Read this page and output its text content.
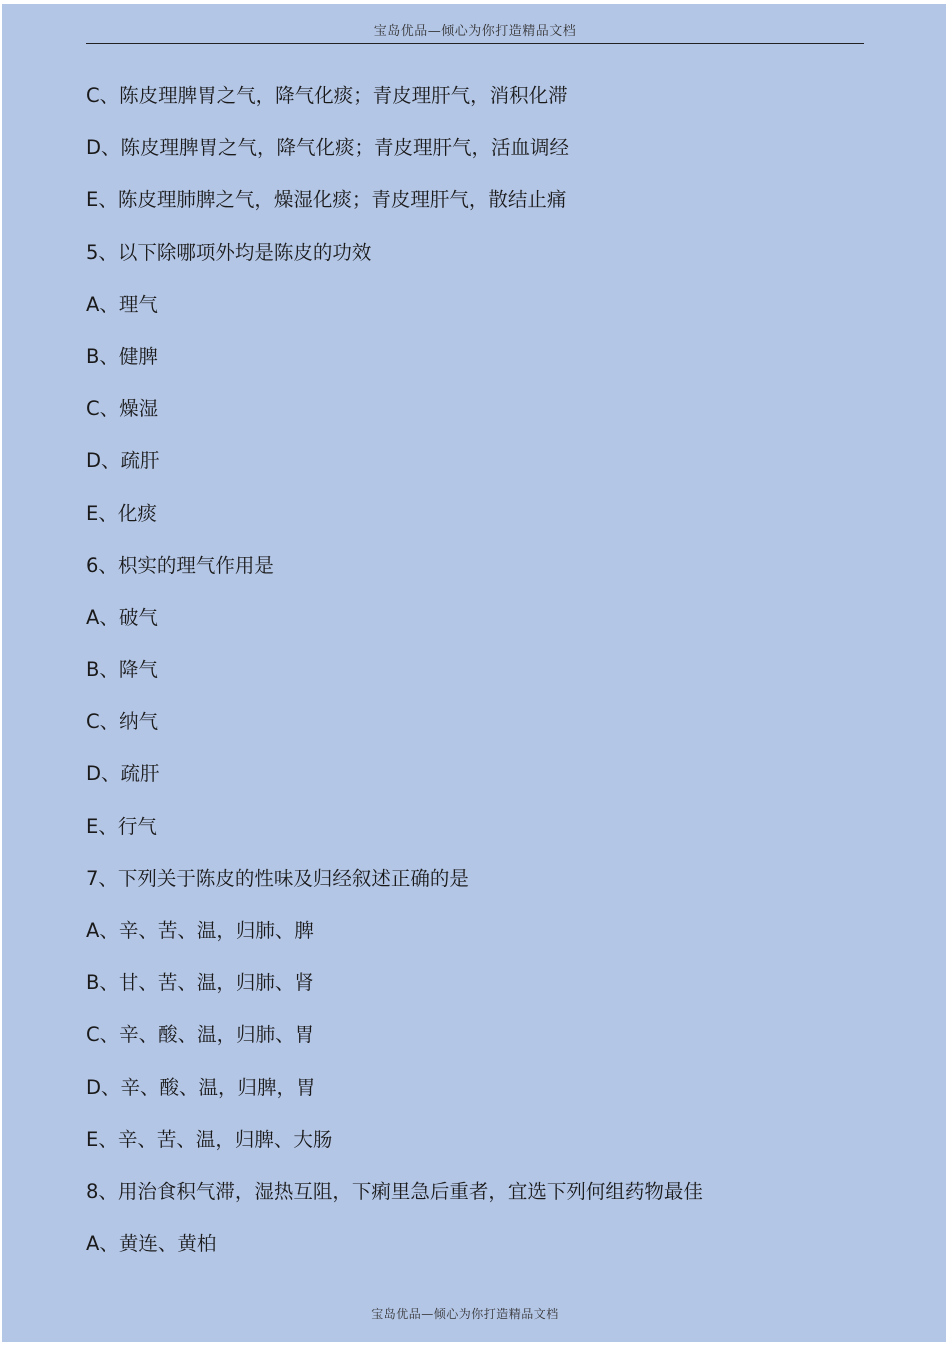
宝岛优品—倾心为你打造精品文档
C、陈皮理脾胃之气，降气化痰；青皮理肝气，消积化滞
D、陈皮理脾胃之气，降气化痰；青皮理肝气，活血调经
E、陈皮理肺脾之气，燥湿化痰；青皮理肝气，散结止痛
5、以下除哪项外均是陈皮的功效
A、理气
B、健脾
C、燥湿
D、疏肝
E、化痰
6、枳实的理气作用是
A、破气
B、降气
C、纳气
D、疏肝
E、行气
7、下列关于陈皮的性味及归经叙述正确的是
A、辛、苦、温，归肺、脾
B、甘、苦、温，归肺、肾
C、辛、酸、温，归肺、胃
D、辛、酸、温，归脾，胃
E、辛、苦、温，归脾、大肠
8、用治食积气滞，湿热互阻，下痢里急后重者，宜选下列何组药物最佳
A、黄连、黄柏
宝岛优品—倾心为你打造精品文档
